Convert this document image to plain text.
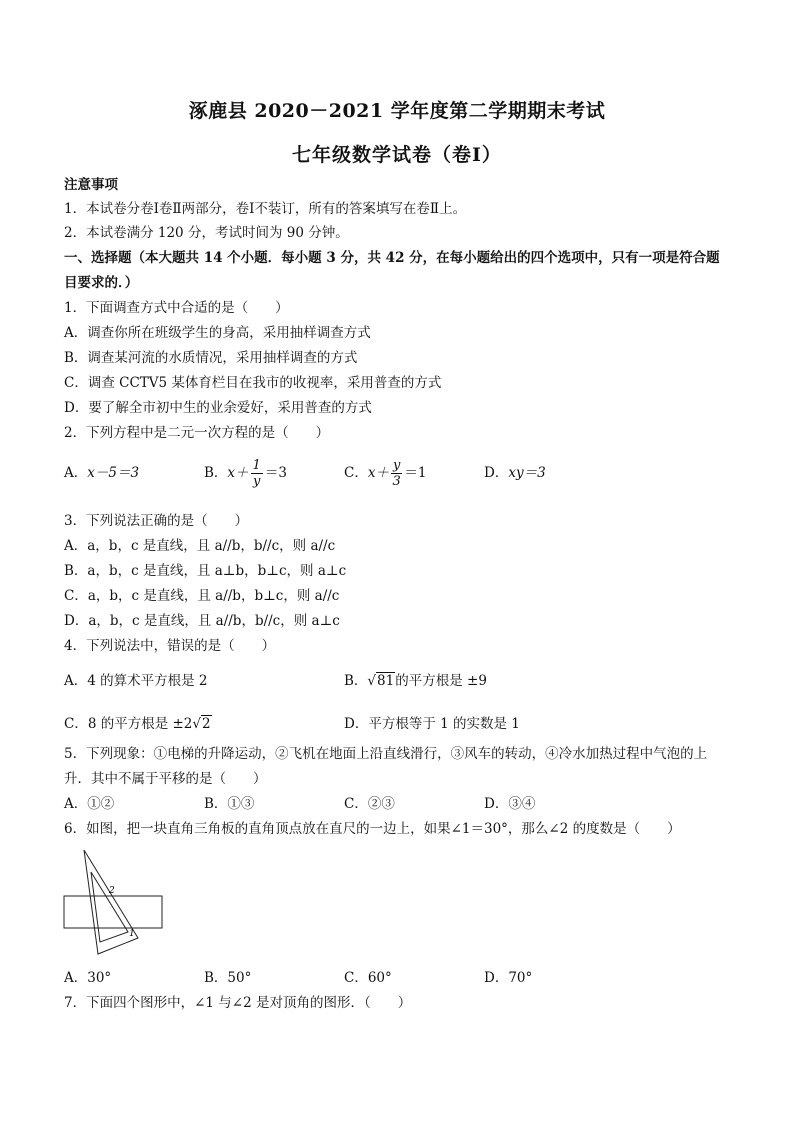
涿鹿县 2020－2021 学年度第二学期期末考试
七年级数学试卷（卷Ⅰ）
注意事项
1．本试卷分卷Ⅰ卷Ⅱ两部分，卷Ⅰ不装订，所有的答案填写在卷Ⅱ上。
2．本试卷满分 120 分，考试时间为 90 分钟。
一、选择题（本大题共 14 个小题．每小题 3 分，共 42 分，在每小题给出的四个选项中，只有一项是符合题
目要求的．）
1．下面调查方式中合适的是（　　）
A．调查你所在班级学生的身高，采用抽样调查方式
B．调查某河流的水质情况，采用抽样调查的方式
C．调查 CCTV5 某体育栏目在我市的收视率，采用普查的方式
D．要了解全市初中生的业余爱好，采用普查的方式
2．下列方程中是二元一次方程的是（　　）
A．x－5＝3	B．$x+ \frac{1}{y} =3$	C．$x+ \frac{y}{3} =1$	D．xy＝3
3．下列说法正确的是（　　）
A．a，b，c 是直线，且 a//b，b//c，则 a//c
B．a，b，c 是直线，且 a⊥b，b⊥c，则 a⊥c
C．a，b，c 是直线，且 a//b，b⊥c，则 a//c
D．a，b，c 是直线，且 a//b，b//c，则 a⊥c
4．下列说法中，错误的是（　　）
A．4 的算术平方根是 2	B．√81的平方根是 ±9
C．8 的平方根是 ±2√2	D．平方根等于 1 的实数是 1
5．下列现象：①电梯的升降运动，②飞机在地面上沿直线滑行，③风车的转动，④冷水加热过程中气泡的上
升．其中不属于平移的是（　　）
A．①②	B．①③	C．②③	D．③④
6．如图，把一块直角三角板的直角顶点放在直尺的一边上，如果∠1＝30°，那么∠2 的度数是（　　）
2
1
A．30°	B．50°	C．60°	D．70°
7．下面四个图形中，∠1 与∠2 是对顶角的图形．（　　）
